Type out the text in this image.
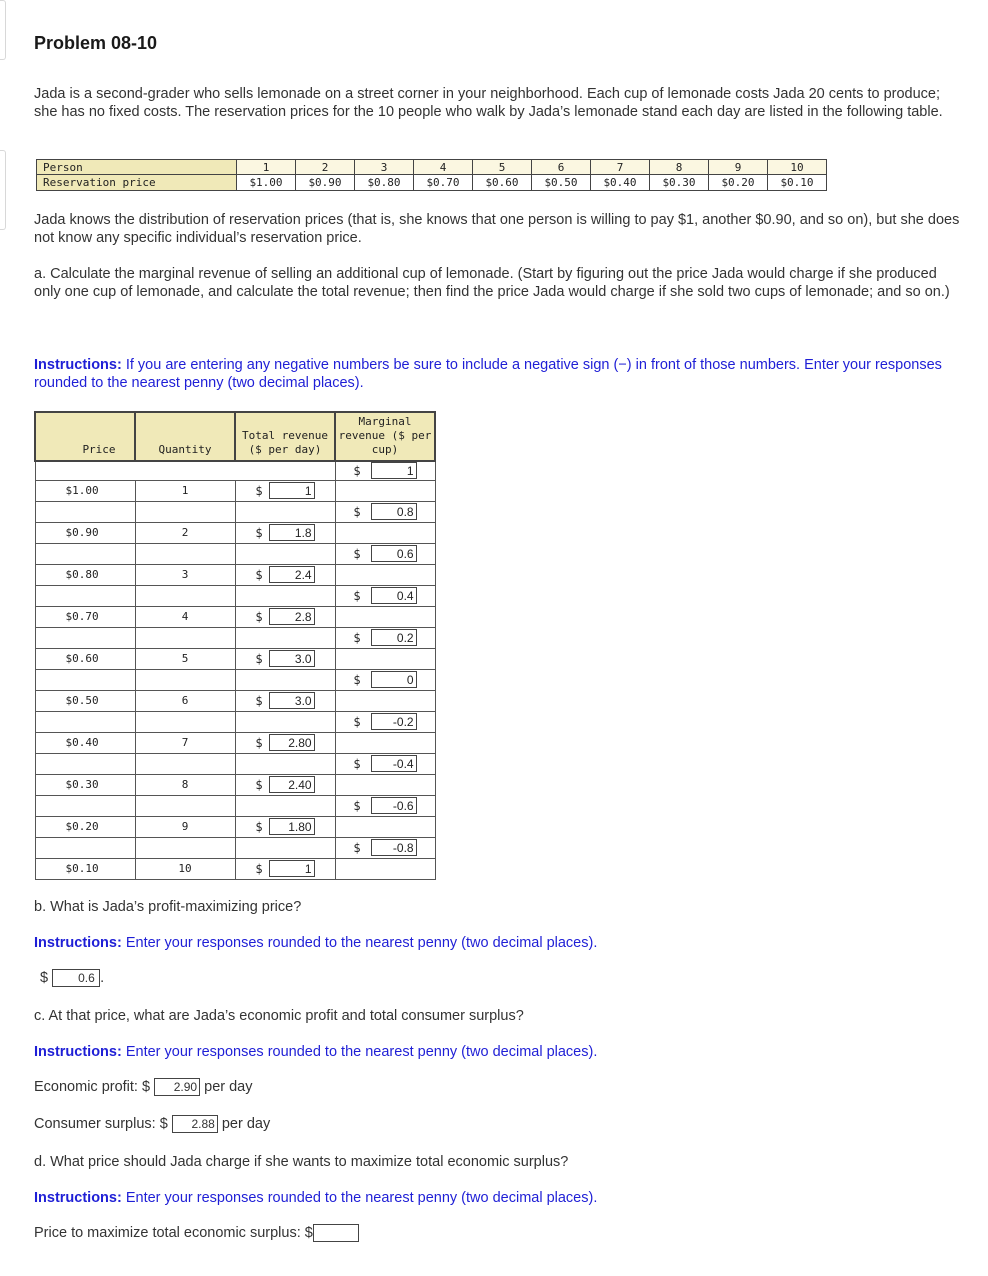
Problem 08-10

Jada is a second-grader who sells lemonade on a street corner in your neighborhood. Each cup of lemonade costs Jada 20 cents to produce; she has no fixed costs. The reservation prices for the 10 people who walk by Jada’s lemonade stand each day are listed in the following table.

Person	1	2	3	4	5	6	7	8	9	10
Reservation price	$1.00	$0.90	$0.80	$0.70	$0.60	$0.50	$0.40	$0.30	$0.20	$0.10

Jada knows the distribution of reservation prices (that is, she knows that one person is willing to pay $1, another $0.90, and so on), but she does not know any specific individual’s reservation price.

a. Calculate the marginal revenue of selling an additional cup of lemonade. (Start by figuring out the price Jada would charge if she produced only one cup of lemonade, and calculate the total revenue; then find the price Jada would charge if she sold two cups of lemonade; and so on.)

Instructions: If you are entering any negative numbers be sure to include a negative sign (−) in front of those numbers. Enter your responses rounded to the nearest penny (two decimal places).

Price	Quantity	Total revenue ($ per day)	Marginal revenue ($ per cup)
			$ 1
$1.00	1	$ 1	
			$ 0.8
$0.90	2	$ 1.8	
			$ 0.6
$0.80	3	$ 2.4	
			$ 0.4
$0.70	4	$ 2.8	
			$ 0.2
$0.60	5	$ 3.0	
			$ 0
$0.50	6	$ 3.0	
			$ -0.2
$0.40	7	$ 2.80	
			$ -0.4
$0.30	8	$ 2.40	
			$ -0.6
$0.20	9	$ 1.80	
			$ -0.8
$0.10	10	$ 1	

b. What is Jada’s profit-maximizing price?

Instructions: Enter your responses rounded to the nearest penny (two decimal places).

$	0.6 .

c. At that price, what are Jada’s economic profit and total consumer surplus?

Instructions: Enter your responses rounded to the nearest penny (two decimal places).

Economic profit: $ 2.90 per day
Consumer surplus: $ 2.88 per day

d. What price should Jada charge if she wants to maximize total economic surplus?

Instructions: Enter your responses rounded to the nearest penny (two decimal places).

Price to maximize total economic surplus: $
